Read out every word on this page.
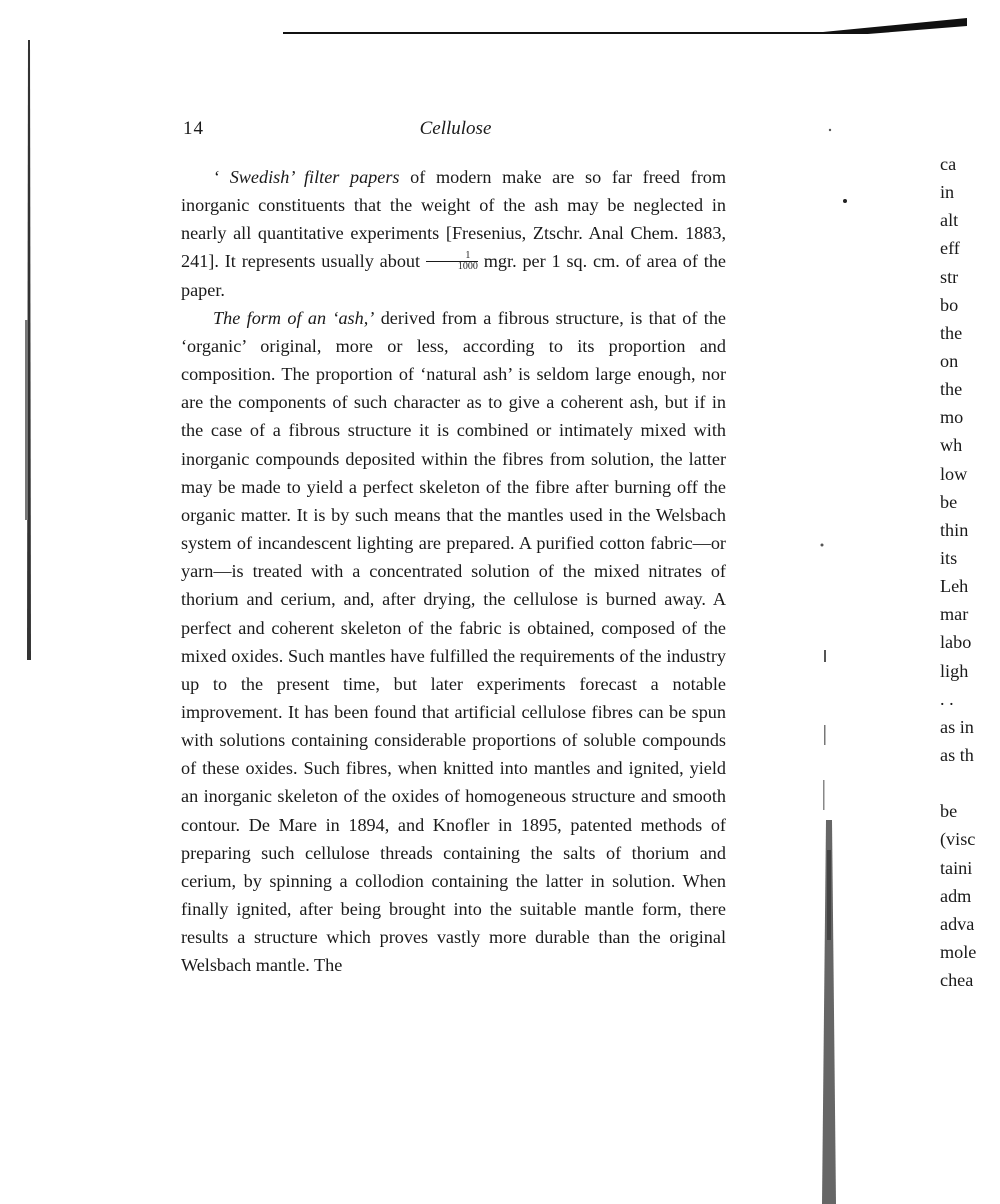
14	Cellulose

‘ Swedish’ filter papers of modern make are so far freed from inorganic constituents that the weight of the ash may be neglected in nearly all quantitative experiments [Fresenius, Ztschr. Anal Chem. 1883, 241]. It represents usually about $\frac{1}{1000}$ mgr. per 1 sq. cm. of area of the paper.

The form of an ‘ash,’ derived from a fibrous structure, is that of the ‘organic’ original, more or less, according to its proportion and composition. The proportion of ‘natural ash’ is seldom large enough, nor are the components of such character as to give a coherent ash, but if in the case of a fibrous structure it is combined or intimately mixed with inorganic compounds deposited within the fibres from solution, the latter may be made to yield a perfect skeleton of the fibre after burning off the organic matter. It is by such means that the mantles used in the Welsbach system of incandescent lighting are prepared. A purified cotton fabric—or yarn—is treated with a concentrated solution of the mixed nitrates of thorium and cerium, and, after drying, the cellulose is burned away. A perfect and coherent skeleton of the fabric is obtained, composed of the mixed oxides. Such mantles have fulfilled the requirements of the industry up to the present time, but later experiments forecast a notable improvement. It has been found that artificial cellulose fibres can be spun with solutions containing considerable proportions of soluble compounds of these oxides. Such fibres, when knitted into mantles and ignited, yield an inorganic skeleton of the oxides of homogeneous structure and smooth contour. De Mare in 1894, and Knofler in 1895, patented methods of preparing such cellulose threads containing the salts of thorium and cerium, by spinning a collodion containing the latter in solution. When finally ignited, after being brought into the suitable mantle form, there results a structure which proves vastly more durable than the original Welsbach mantle. The

ca
in
alt
eff
str
bo
the
on
the
mo
wh
low
be
thin
its
Leh
mar
labo
ligh
. .
as in
as th
be
(visc
taini
adm
adva
mole
chea
